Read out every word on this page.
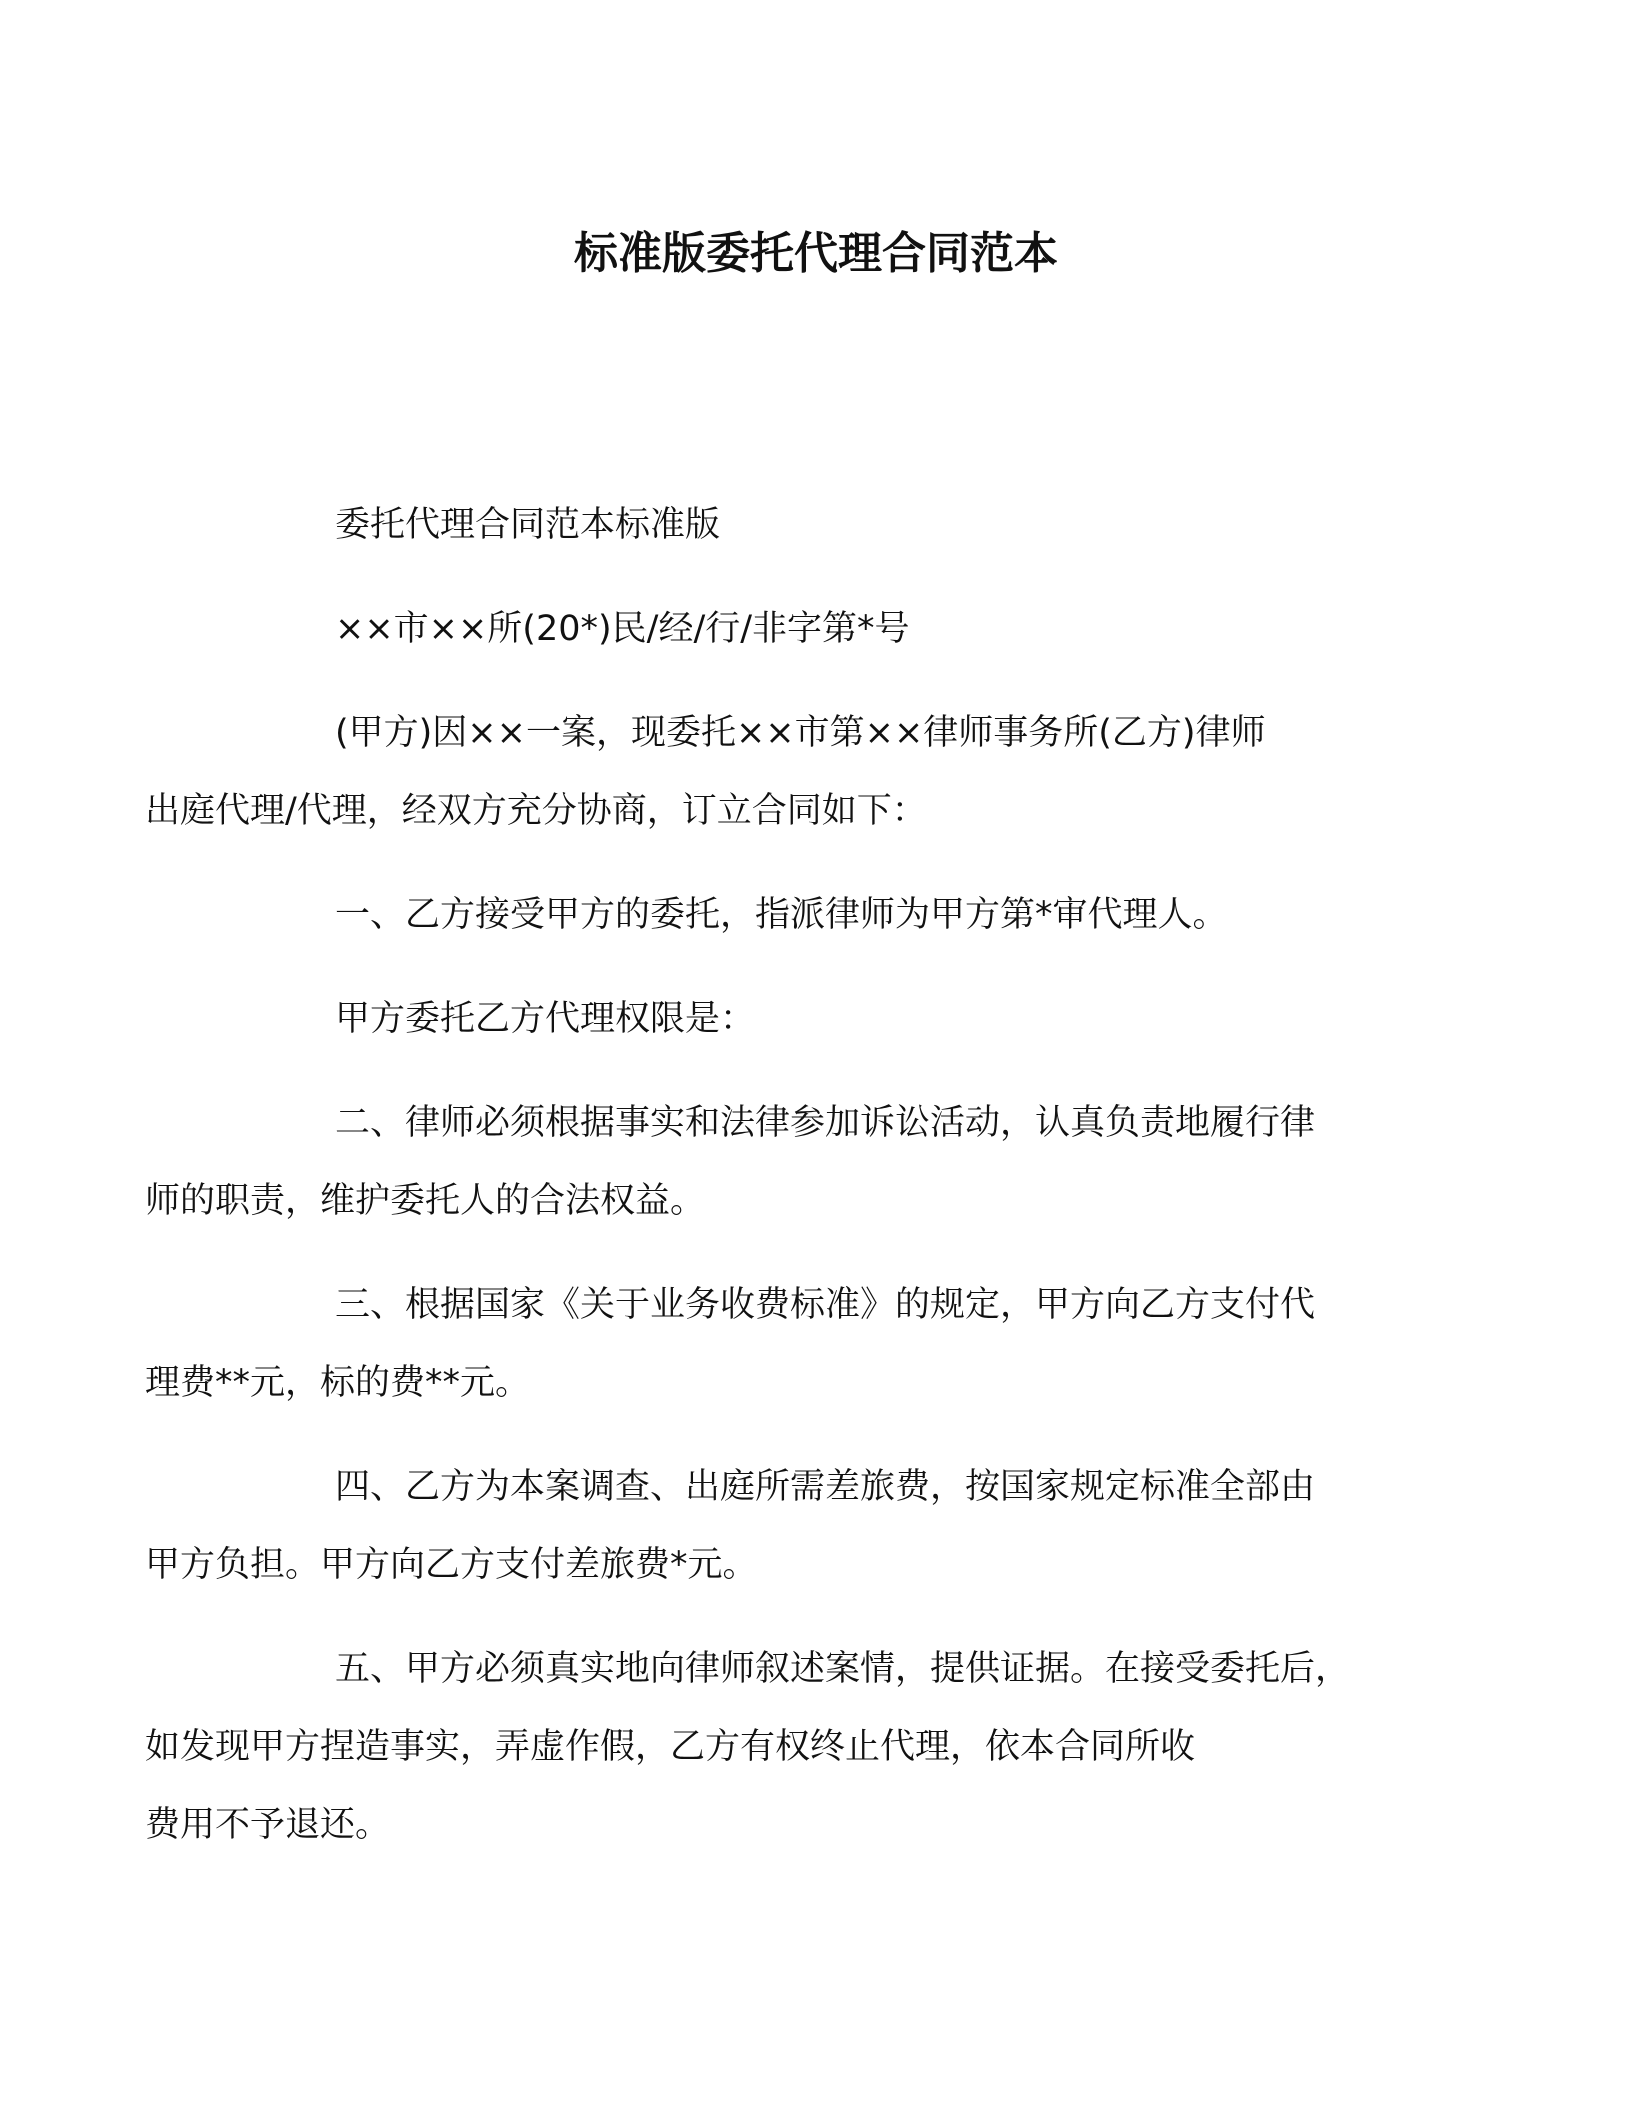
标准版委托代理合同范本

委托代理合同范本标准版

××市××所(20*)民/经/行/非字第*号

(甲方)因××一案，现委托××市第××律师事务所(乙方)律师
出庭代理/代理，经双方充分协商，订立合同如下：

一、乙方接受甲方的委托，指派律师为甲方第*审代理人。

甲方委托乙方代理权限是：

二、律师必须根据事实和法律参加诉讼活动，认真负责地履行律
师的职责，维护委托人的合法权益。

三、根据国家《关于业务收费标准》的规定，甲方向乙方支付代
理费**元，标的费**元。

四、乙方为本案调查、出庭所需差旅费，按国家规定标准全部由
甲方负担。甲方向乙方支付差旅费*元。

五、甲方必须真实地向律师叙述案情，提供证据。在接受委托后，
如发现甲方捏造事实，弄虚作假，乙方有权终止代理，依本合同所收
费用不予退还。
